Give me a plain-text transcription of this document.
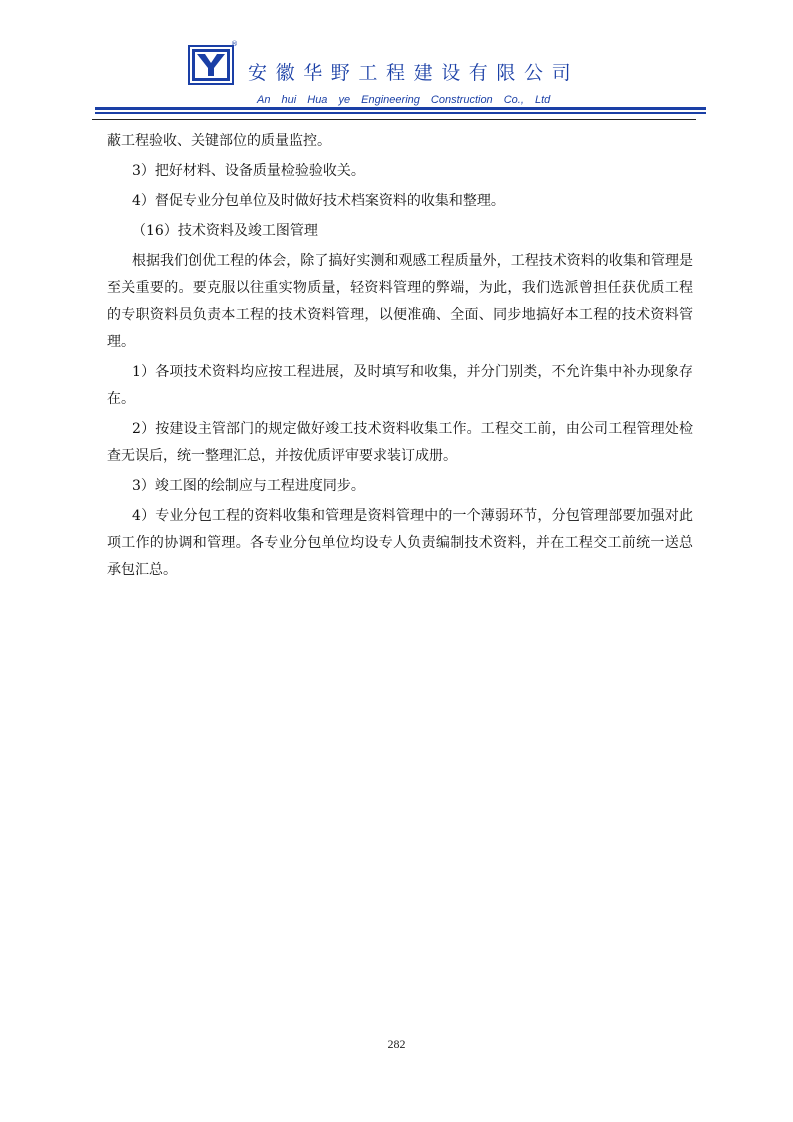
®
安徽华野工程建设有限公司
An hui Hua ye Engineering Construction Co., Ltd

蔽工程验收、关键部位的质量监控。

3）把好材料、设备质量检验验收关。

4）督促专业分包单位及时做好技术档案资料的收集和整理。

（16）技术资料及竣工图管理

根据我们创优工程的体会，除了搞好实测和观感工程质量外，工程技术资料的收集和管理是至关重要的。要克服以往重实物质量，轻资料管理的弊端，为此，我们选派曾担任获优质工程的专职资料员负责本工程的技术资料管理，以便准确、全面、同步地搞好本工程的技术资料管理。

1）各项技术资料均应按工程进展，及时填写和收集，并分门别类，不允许集中补办现象存在。

2）按建设主管部门的规定做好竣工技术资料收集工作。工程交工前，由公司工程管理处检查无误后，统一整理汇总，并按优质评审要求装订成册。

3）竣工图的绘制应与工程进度同步。

4）专业分包工程的资料收集和管理是资料管理中的一个薄弱环节，分包管理部要加强对此项工作的协调和管理。各专业分包单位均设专人负责编制技术资料，并在工程交工前统一送总承包汇总。

282
